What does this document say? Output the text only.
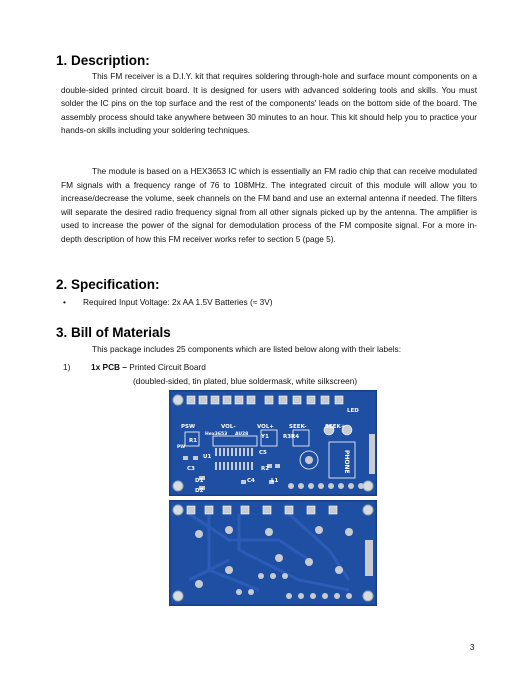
1. Description:

This FM receiver is a D.I.Y. kit that requires soldering through-hole and surface mount components on a double-sided printed circuit board. It is designed for users with advanced soldering tools and skills. You must solder the IC pins on the top surface and the rest of the components' leads on the bottom side of the board. The assembly process should take anywhere between 30 minutes to an hour. This kit should help you to practice your hands-on skills including your soldering techniques.

The module is based on a HEX3653 IC which is essentially an FM radio chip that can receive modulated FM signals with a frequency range of 76 to 108MHz. The integrated circuit of this module will allow you to increase/decrease the volume, seek channels on the FM band and use an external antenna if needed. The filters will separate the desired radio frequency signal from all other signals picked up by the antenna. The amplifier is used to increase the power of the signal for demodulation process of the FM composite signal. For a more in-depth description of how this FM receiver works refer to section 5 (page 5).

2. Specification:
• Required Input Voltage: 2x AA 1.5V Batteries (≈ 3V)
3. Bill of Materials
This package includes 25 components which are listed below along with their labels:
1) 1x PCB – Printed Circuit Board
(doubled-sided, tin plated, blue soldermask, white silkscreen)
PSW	VOL-	VOL+	SEEK-	SEEK+
LED
Hex3653 AU28
R1
U1
Y1	R3R4
C5
C3
C4
D1
D2
L1
R2
PW
PHONE
3
